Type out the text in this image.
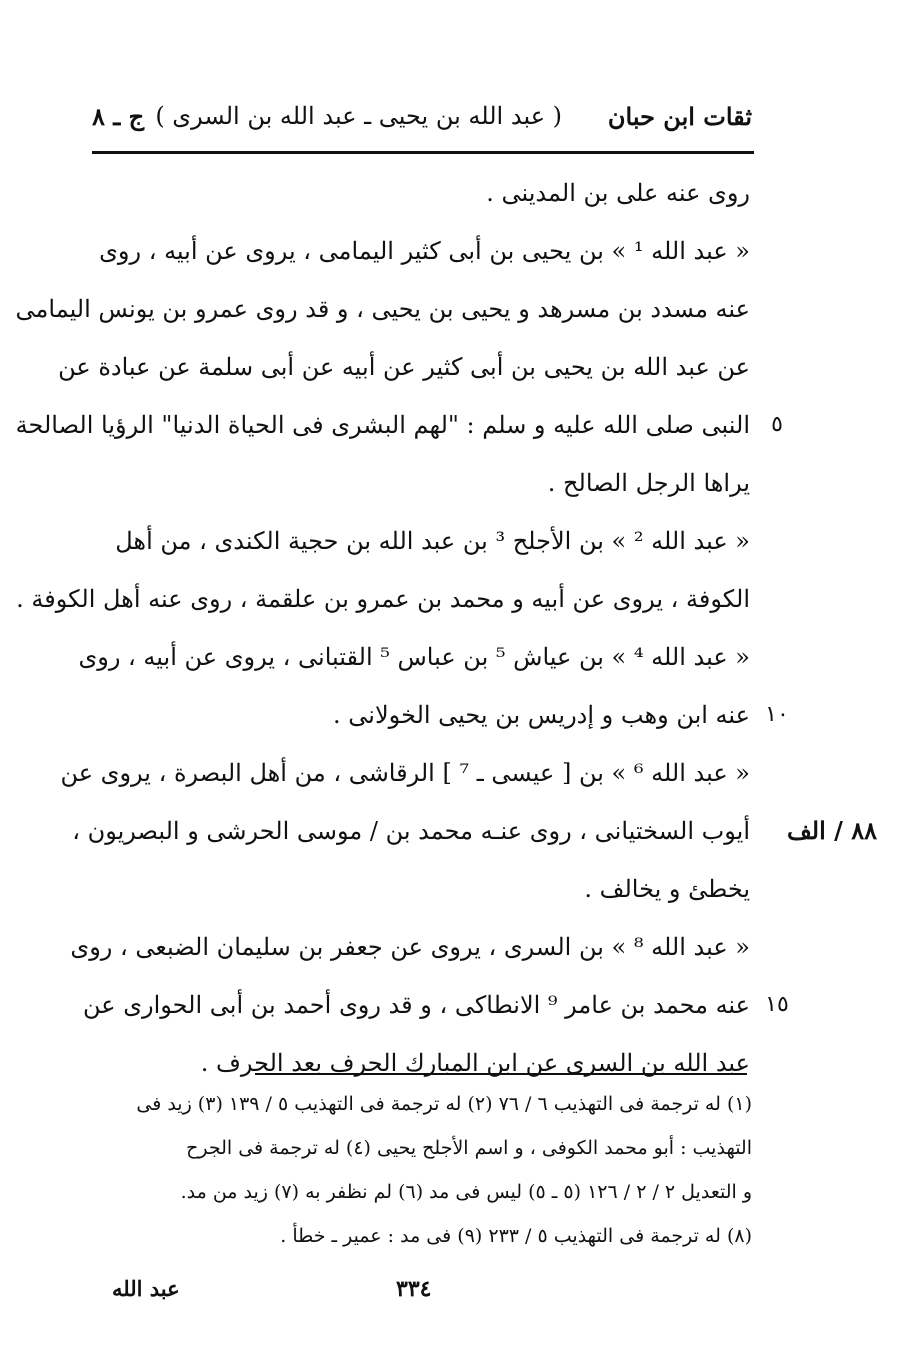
ثقات ابن حبان
( عبد الله بن يحيى ـ عبد الله بن السرى )
ج ـ ٨
روى عنه على بن المدينى .
« عبد الله ¹ » بن يحيى بن أبى كثير اليمامى ، يروى عن أبيه ، روى
عنه مسدد بن مسرهد و يحيى بن يحيى ، و قد روى عمرو بن يونس اليمامى
عن عبد الله بن يحيى بن أبى كثير عن أبيه عن أبى سلمة عن عبادة عن
النبى صلى الله عليه و سلم : "لهم البشرى فى الحياة الدنيا" الرؤيا الصالحة ٥
يراها الرجل الصالح .
« عبد الله ² » بن الأجلح ³ بن عبد الله بن حجية الكندى ، من أهل
الكوفة ، يروى عن أبيه و محمد بن عمرو بن علقمة ، روى عنه أهل الكوفة .
« عبد الله ⁴ » بن عياش ⁵ بن عباس ⁵ القتبانى ، يروى عن أبيه ، روى
عنه ابن وهب و إدريس بن يحيى الخولانى . ١٠
« عبد الله ⁶ » بن [ عيسى ـ ⁷ ] الرقاشى ، من أهل البصرة ، يروى عن
أيوب السختيانى ، روى عنـه محمد بن / موسى الحرشى و البصريون ، ٨٨ / الف
يخطئ و يخالف .
« عبد الله ⁸ » بن السرى ، يروى عن جعفر بن سليمان الضبعى ، روى
عنه محمد بن عامر ⁹ الانطاكى ، و قد روى أحمد بن أبى الحوارى عن ١٥
عبد الله بن السرى عن ابن المبارك الحرف بعد الحرف .
(١) له ترجمة فى التهذيب ٦ / ٧٦ (٢) له ترجمة فى التهذيب ٥ / ١٣٩ (٣) زيد فى
التهذيب : أبو محمد الكوفى ، و اسم الأجلح يحيى (٤) له ترجمة فى الجرح
و التعديل ٢ / ٢ / ١٢٦ (٥ ـ ٥) ليس فى مد (٦) لم نظفر به (٧) زيد من مد.
(٨) له ترجمة فى التهذيب ٥ / ٢٣٣ (٩) فى مد : عمير ـ خطأ .
٣٣٤
عبد الله
